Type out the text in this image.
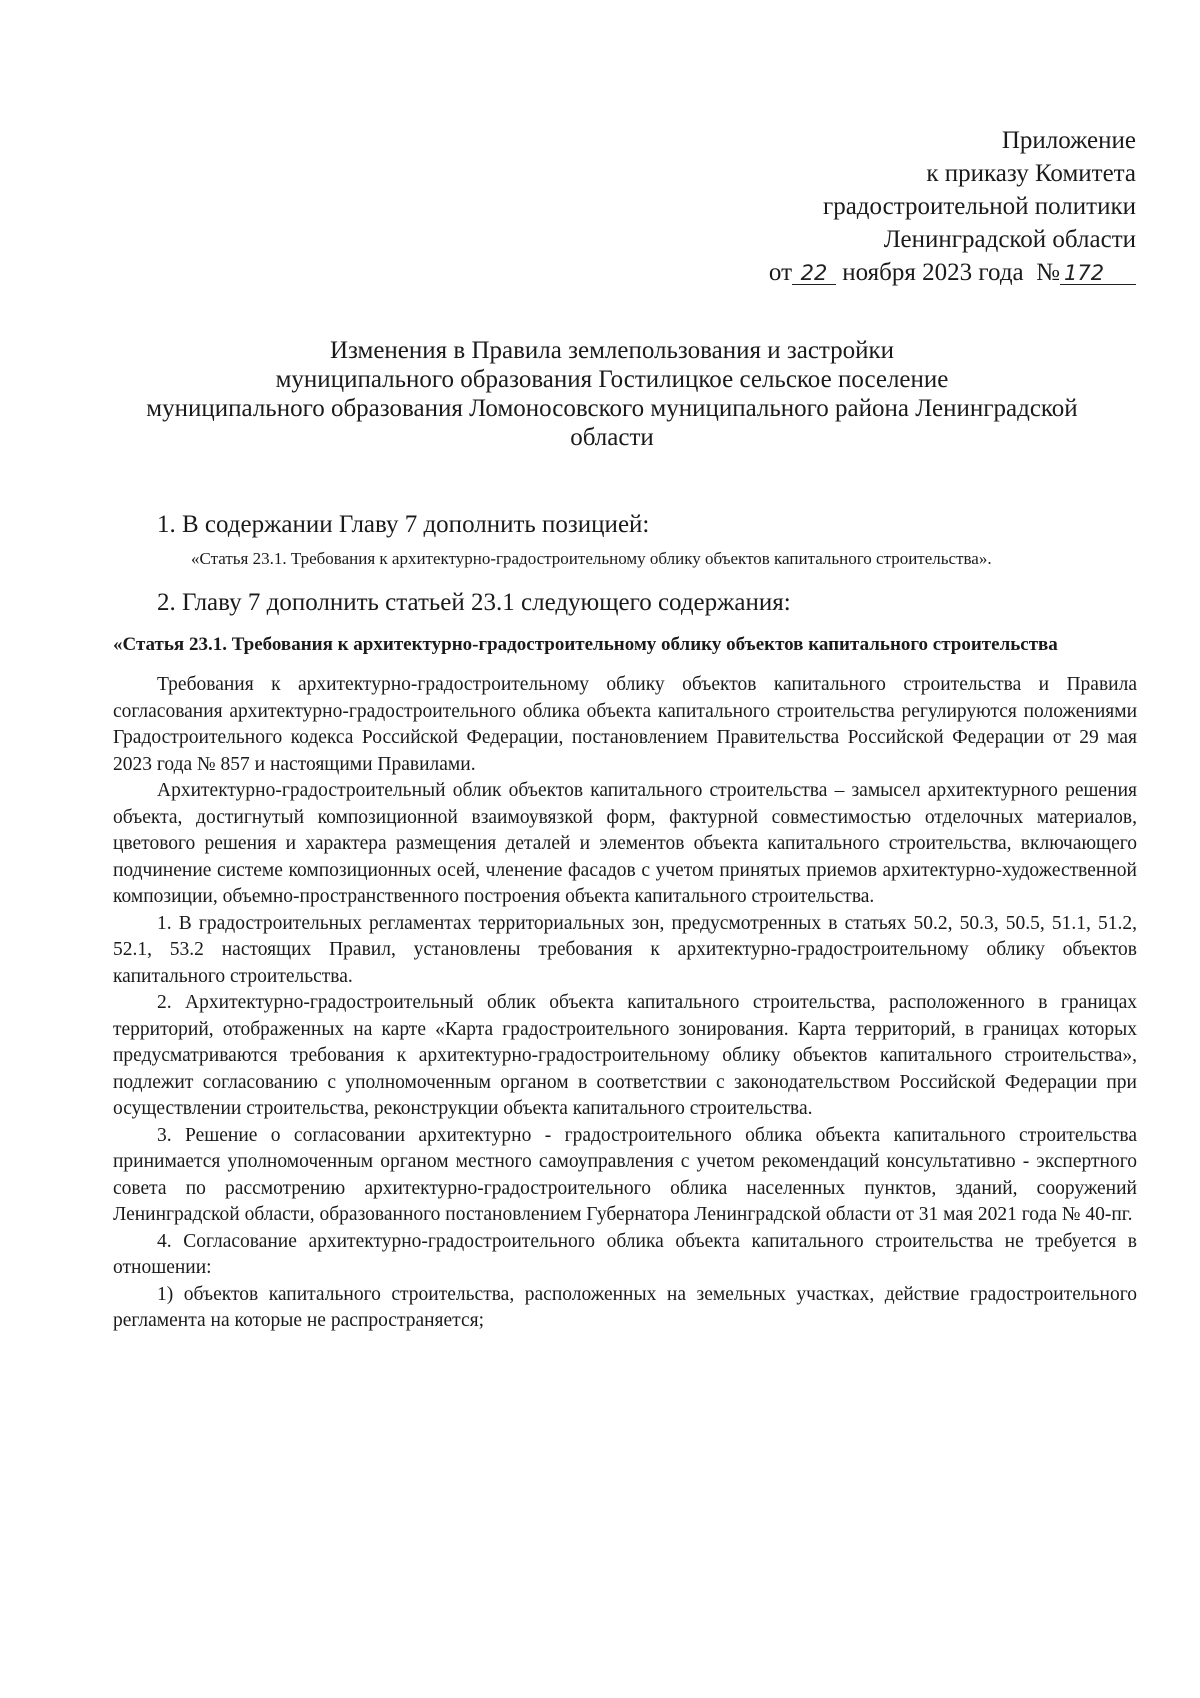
Приложение
к приказу Комитета
градостроительной политики
Ленинградской области
от 22 ноября 2023 года № 172
Изменения в Правила землепользования и застройки
муниципального образования Гостилицкое сельское поселение
муниципального образования Ломоносовского муниципального района Ленинградской
области

1. В содержании Главу 7 дополнить позицией:

«Статья 23.1. Требования к архитектурно-градостроительному облику объектов капитального строительства».

2. Главу 7 дополнить статьей 23.1 следующего содержания:

«Статья 23.1. Требования к архитектурно-градостроительному облику объектов капитального строительства

Требования к архитектурно-градостроительному облику объектов капитального строительства и Правила согласования архитектурно-градостроительного облика объекта капитального строительства регулируются положениями Градостроительного кодекса Российской Федерации, постановлением Правительства Российской Федерации от 29 мая 2023 года № 857 и настоящими Правилами.

Архитектурно-градостроительный облик объектов капитального строительства – замысел архитектурного решения объекта, достигнутый композиционной взаимоувязкой форм, фактурной совместимостью отделочных материалов, цветового решения и характера размещения деталей и элементов объекта капитального строительства, включающего подчинение системе композиционных осей, членение фасадов с учетом принятых приемов архитектурно-художественной композиции, объемно-пространственного построения объекта капитального строительства.

1. В градостроительных регламентах территориальных зон, предусмотренных в статьях 50.2, 50.3, 50.5, 51.1, 51.2, 52.1, 53.2 настоящих Правил, установлены требования к архитектурно-градостроительному облику объектов капитального строительства.

2. Архитектурно-градостроительный облик объекта капитального строительства, расположенного в границах территорий, отображенных на карте «Карта градостроительного зонирования. Карта территорий, в границах которых предусматриваются требования к архитектурно-градостроительному облику объектов капитального строительства», подлежит согласованию с уполномоченным органом в соответствии с законодательством Российской Федерации при осуществлении строительства, реконструкции объекта капитального строительства.

3. Решение о согласовании архитектурно - градостроительного облика объекта капитального строительства принимается уполномоченным органом местного самоуправления с учетом рекомендаций консультативно - экспертного совета по рассмотрению архитектурно-градостроительного облика населенных пунктов, зданий, сооружений Ленинградской области, образованного постановлением Губернатора Ленинградской области от 31 мая 2021 года № 40-пг.

4. Согласование архитектурно-градостроительного облика объекта капитального строительства не требуется в отношении:

1) объектов капитального строительства, расположенных на земельных участках, действие градостроительного регламента на которые не распространяется;
